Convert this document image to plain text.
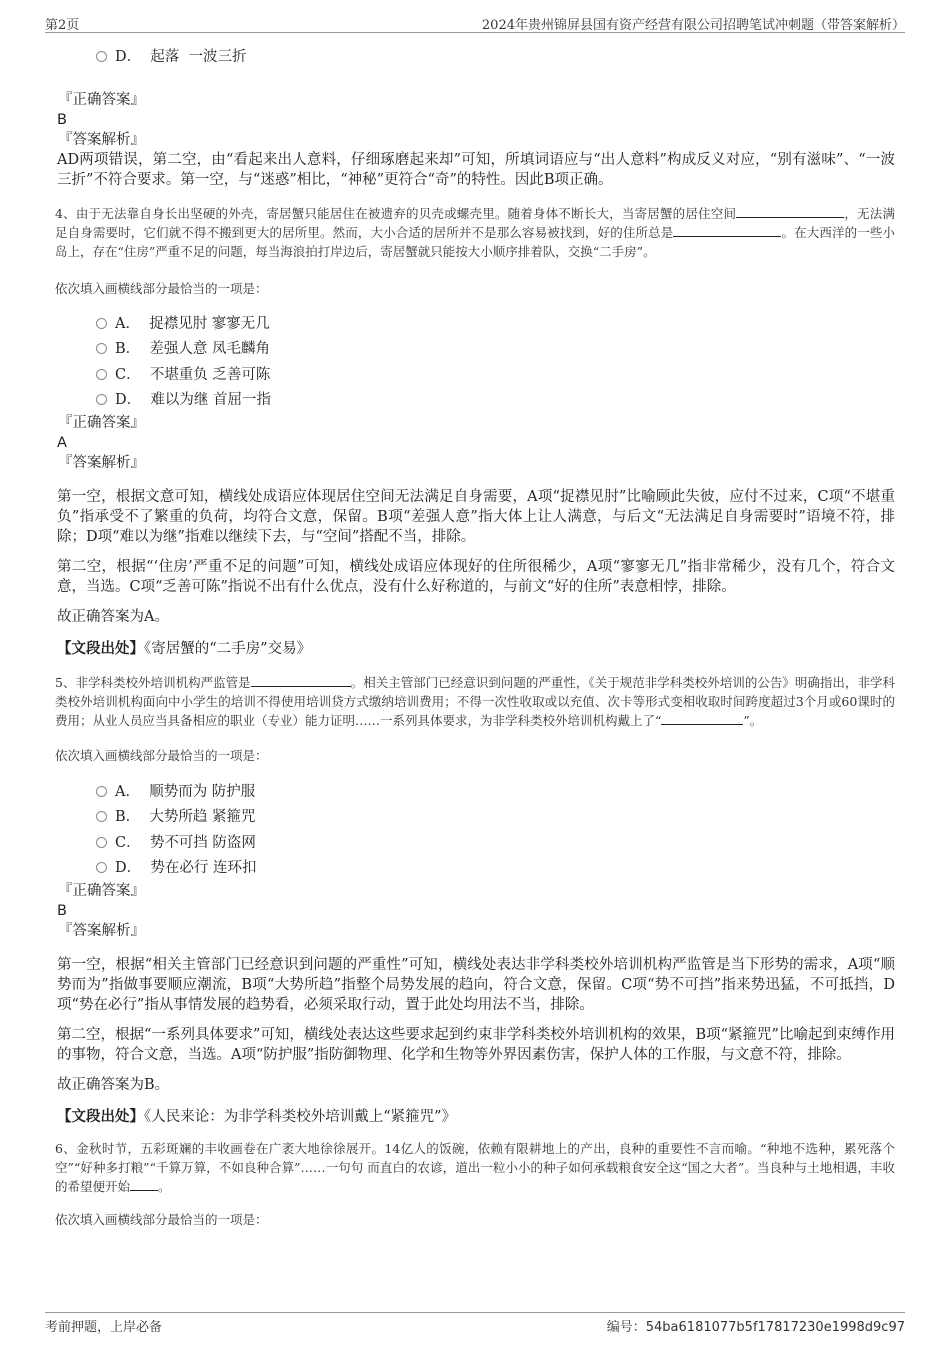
第2页	2024年贵州锦屏县国有资产经营有限公司招聘笔试冲刺题（带答案解析）
D．  起落  一波三折
『正确答案』
B
『答案解析』

AD两项错误，第二空，由“看起来出人意料，仔细琢磨起来却”可知，所填词语应与“出人意料”构成反义对应，“别有滋味”、“一波三折”不符合要求。第一空，与“迷惑”相比，“神秘”更符合“奇”的特性。因此B项正确。

4、由于无法靠自身长出坚硬的外壳，寄居蟹只能居住在被遗弃的贝壳或螺壳里。随着身体不断长大，当寄居蟹的居住空间	，无法满足自身需要时，它们就不得不搬到更大的居所里。然而，大小合适的居所并不是那么容易被找到，好的住所总是	。在大西洋的一些小岛上，存在“住房”严重不足的问题，每当海浪拍打岸边后，寄居蟹就只能按大小顺序排着队，交换“二手房”。
依次填入画横线部分最恰当的一项是：
A．  捉襟见肘 寥寥无几
B．  差强人意 凤毛麟角
C．  不堪重负 乏善可陈
D．  难以为继 首屈一指
『正确答案』
A
『答案解析』

第一空，根据文意可知，横线处成语应体现居住空间无法满足自身需要，A项“捉襟见肘”比喻顾此失彼，应付不过来，C项“不堪重负”指承受不了繁重的负荷，均符合文意，保留。B项“差强人意”指大体上让人满意，与后文“无法满足自身需要时”语境不符，排除；D项“难以为继”指难以继续下去，与“空间”搭配不当，排除。

第二空，根据“‘住房’严重不足的问题”可知，横线处成语应体现好的住所很稀少，A项“寥寥无几”指非常稀少，没有几个，符合文意，当选。C项“乏善可陈”指说不出有什么优点，没有什么好称道的，与前文“好的住所”表意相悖，排除。

故正确答案为A。

【文段出处】《寄居蟹的“二手房”交易》
5、非学科类校外培训机构严监管是	。相关主管部门已经意识到问题的严重性，《关于规范非学科类校外培训的公告》明确指出，非学科类校外培训机构面向中小学生的培训不得使用培训贷方式缴纳培训费用；不得一次性收取或以充值、次卡等形式变相收取时间跨度超过3个月或60课时的费用；从业人员应当具备相应的职业（专业）能力证明……一系列具体要求，为非学科类校外培训机构戴上了“	”。
依次填入画横线部分最恰当的一项是：
A．  顺势而为 防护服
B．  大势所趋 紧箍咒
C．  势不可挡 防盗网
D．  势在必行 连环扣
『正确答案』
B
『答案解析』

第一空，根据“相关主管部门已经意识到问题的严重性”可知，横线处表达非学科类校外培训机构严监管是当下形势的需求，A项“顺势而为”指做事要顺应潮流，B项“大势所趋”指整个局势发展的趋向，符合文意，保留。C项“势不可挡”指来势迅猛，不可抵挡，D项“势在必行”指从事情发展的趋势看，必须采取行动，置于此处均用法不当，排除。

第二空，根据“一系列具体要求”可知，横线处表达这些要求起到约束非学科类校外培训机构的效果，B项“紧箍咒”比喻起到束缚作用的事物，符合文意，当选。A项“防护服”指防御物理、化学和生物等外界因素伤害，保护人体的工作服，与文意不符，排除。

故正确答案为B。

【文段出处】《人民来论：为非学科类校外培训戴上“紧箍咒”》
6、金秋时节，五彩斑斓的丰收画卷在广袤大地徐徐展开。14亿人的饭碗，依赖有限耕地上的产出，良种的重要性不言而喻。“种地不选种，累死落个空”“好种多打粮”“千算万算，不如良种合算”……一句句 而直白的农谚，道出一粒小小的种子如何承载粮食安全这“国之大者”。当良种与土地相遇，丰收的希望便开始 。
依次填入画横线部分最恰当的一项是：
考前押题，上岸必备	编号：54ba6181077b5f17817230e1998d9c97
